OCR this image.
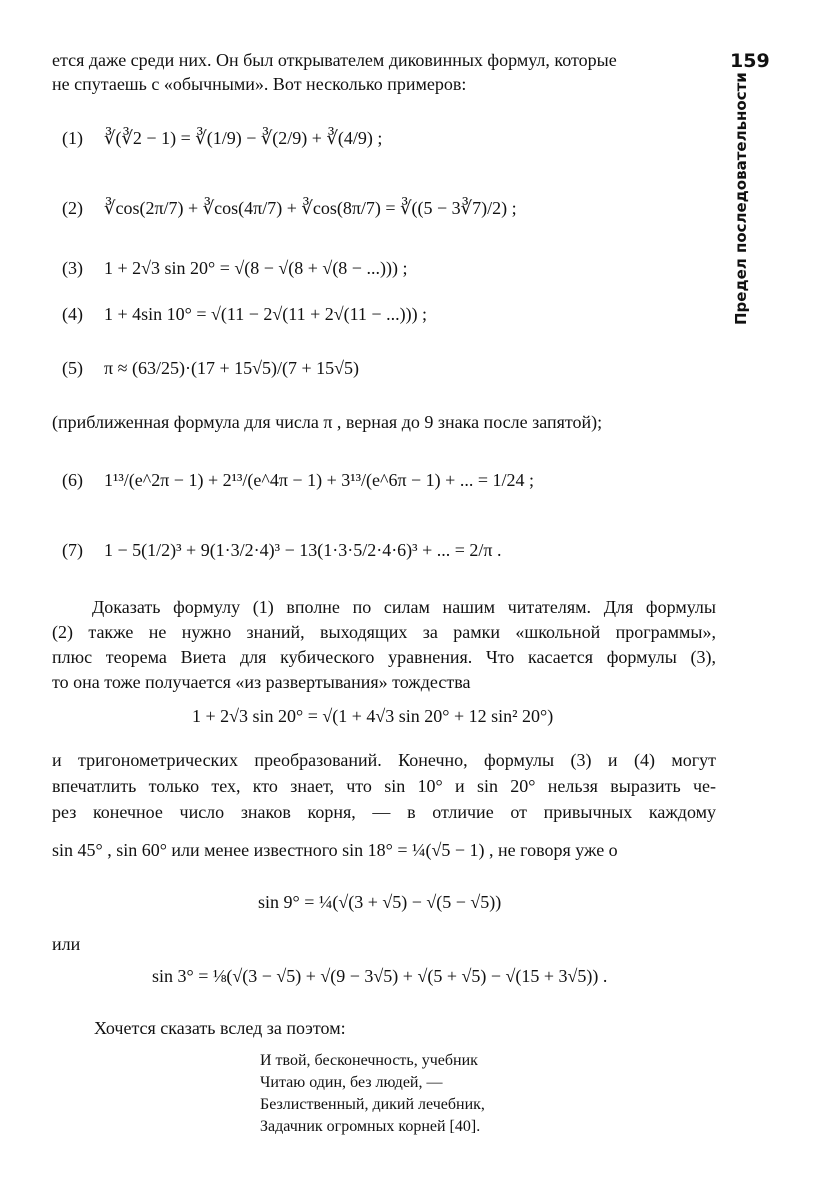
ется даже среди них. Он был открывателем диковинных формул, которые
не спутаешь с «обычными». Вот несколько примеров:
159
Предел последовательности
(1) ∛(∛2 − 1) = ∛(1/9) − ∛(2/9) + ∛(4/9) ;
(2) ∛cos(2π/7) + ∛cos(4π/7) + ∛cos(8π/7) = ∛((5 − 3∛7)/2) ;
(3) 1 + 2√3 sin 20° = √(8 − √(8 + √(8 − ...))) ;
(4) 1 + 4sin 10° = √(11 − 2√(11 + 2√(11 − ...))) ;
(5) π ≈ (63/25)·(17 + 15√5)/(7 + 15√5)
(приближенная формула для числа π , верная до 9 знака после запятой);
(6) 1¹³/(e^2π − 1) + 2¹³/(e^4π − 1) + 3¹³/(e^6π − 1) + ... = 1/24 ;
(7) 1 − 5(1/2)³ + 9(1·3/2·4)³ − 13(1·3·5/2·4·6)³ + ... = 2/π .
Доказать формулу (1) вполне по силам нашим читателям. Для формулы
(2) также не нужно знаний, выходящих за рамки «школьной программы»,
плюс теорема Виета для кубического уравнения. Что касается формулы (3),
то она тоже получается «из развертывания» тождества
1 + 2√3 sin 20° = √(1 + 4√3 sin 20° + 12 sin² 20°)
и тригонометрических преобразований. Конечно, формулы (3) и (4) могут
впечатлить только тех, кто знает, что sin 10° и sin 20° нельзя выразить че-
рез конечное число знаков корня, — в отличие от привычных каждому
sin 45° , sin 60° или менее известного sin 18° = ¼(√5 − 1) , не говоря уже о
sin 9° = ¼(√(3 + √5) − √(5 − √5))
или
sin 3° = ⅛(√(3 − √5) + √(9 − 3√5) + √(5 + √5) − √(15 + 3√5)) .
Хочется сказать вслед за поэтом:
И твой, бесконечность, учебник
Читаю один, без людей, —
Безлиственный, дикий лечебник,
Задачник огромных корней [40].
